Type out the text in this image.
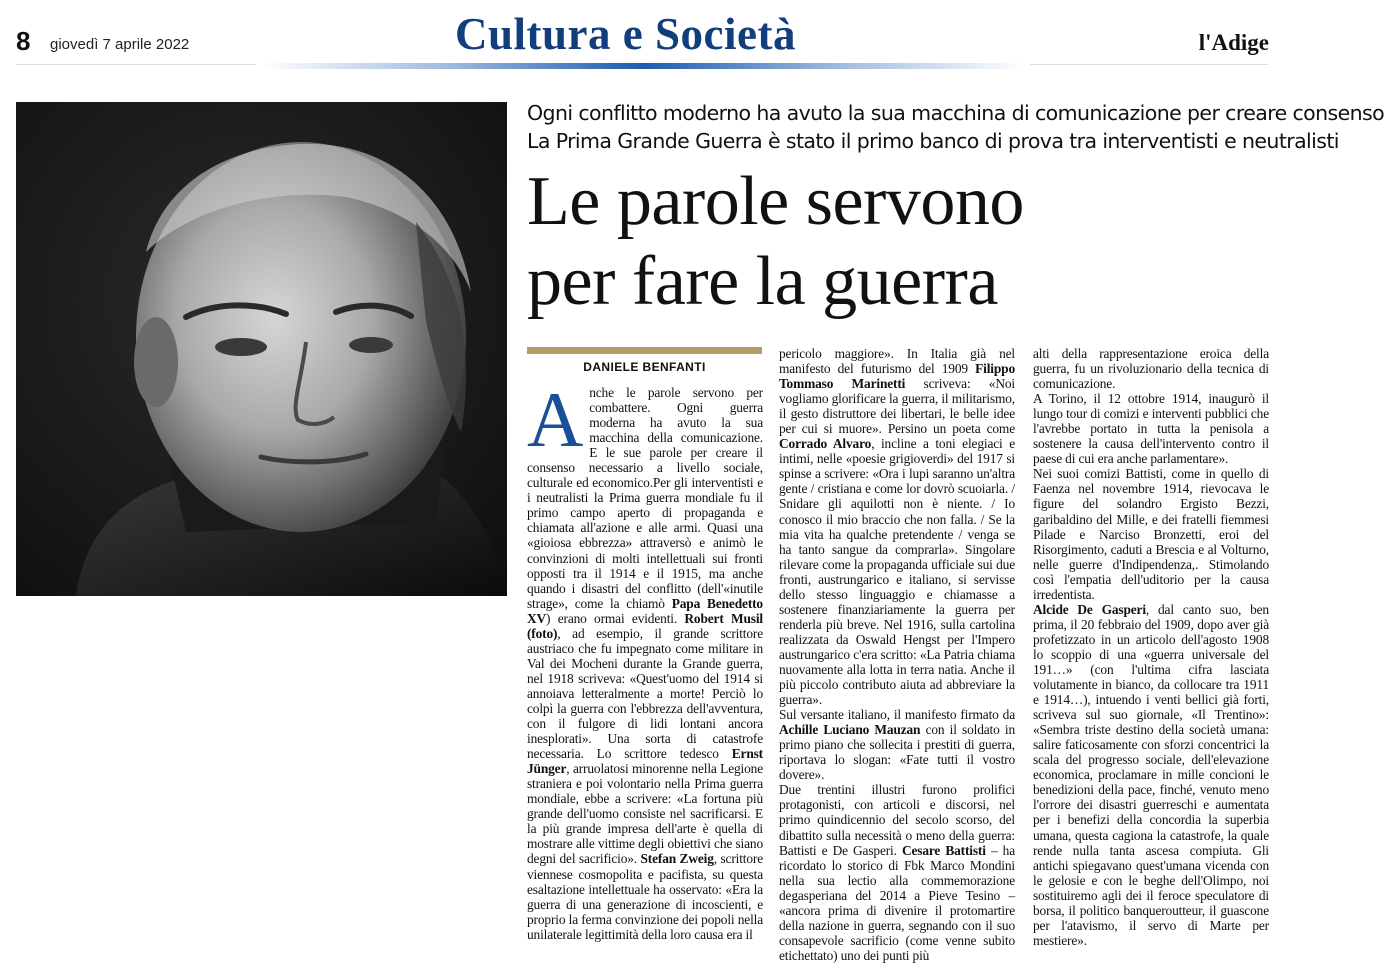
8 giovedì 7 aprile 2022	Cultura e Società	l'Adige
Ogni conflitto moderno ha avuto la sua macchina di comunicazione per creare consenso
La Prima Grande Guerra è stato il primo banco di prova tra interventisti e neutralisti
Le parole servono
per fare la guerra
DANIELE BENFANTI
A nche le parole servono per combattere. Ogni guerra moderna ha avuto la sua macchina della comunicazione. E le sue parole per creare il consenso necessario a livello sociale, culturale ed economico.Per gli interventisti e i neutralisti la Prima guerra mondiale fu il primo campo aperto di propaganda e chiamata all'azione e alle armi. Quasi una «gioiosa ebbrezza» attraversò e animò le convinzioni di molti intellettuali sui fronti opposti tra il 1914 e il 1915, ma anche quando i disastri del conflitto (dell'«inutile strage», come la chiamò Papa Benedetto XV) erano ormai evidenti. Robert Musil (foto), ad esempio, il grande scrittore austriaco che fu impegnato come militare in Val dei Mocheni durante la Grande guerra, nel 1918 scriveva: «Quest'uomo del 1914 si annoiava letteralmente a morte! Perciò lo colpì la guerra con l'ebbrezza dell'avventura, con il fulgore di lidi lontani ancora inesplorati». Una sorta di catastrofe necessaria. Lo scrittore tedesco Ernst Jünger, arruolatosi minorenne nella Legione straniera e poi volontario nella Prima guerra mondiale, ebbe a scrivere: «La fortuna più grande dell'uomo consiste nel sacrificarsi. E la più grande impresa dell'arte è quella di mostrare alle vittime degli obiettivi che siano degni del sacrificio». Stefan Zweig, scrittore viennese cosmopolita e pacifista, su questa esaltazione intellettuale ha osservato: «Era la guerra di una generazione di incoscienti, e proprio la ferma convinzione dei popoli nella unilaterale legittimità della loro causa era il

pericolo maggiore». In Italia già nel manifesto del futurismo del 1909 Filippo Tommaso Marinetti scriveva: «Noi vogliamo glorificare la guerra, il militarismo, il gesto distruttore dei libertari, le belle idee per cui si muore». Persino un poeta come Corrado Alvaro, incline a toni elegiaci e intimi, nelle «poesie grigioverdi» del 1917 si spinse a scrivere: «Ora i lupi saranno un'altra gente / cristiana e come lor dovrò scuoiarla. / Snidare gli aquilotti non è niente. / Io conosco il mio braccio che non falla. / Se la mia vita ha qualche pretendente / venga se ha tanto sangue da comprarla». Singolare rilevare come la propaganda ufficiale sui due fronti, austrungarico e italiano, si servisse dello stesso linguaggio e chiamasse a sostenere finanziariamente la guerra per renderla più breve. Nel 1916, sulla cartolina realizzata da Oswald Hengst per l'Impero austrungarico c'era scritto: «La Patria chiama nuovamente alla lotta in terra natia. Anche il più piccolo contributo aiuta ad abbreviare la guerra».

Sul versante italiano, il manifesto firmato da Achille Luciano Mauzan con il soldato in primo piano che sollecita i prestiti di guerra, riportava lo slogan: «Fate tutti il vostro dovere».

Due trentini illustri furono prolifici protagonisti, con articoli e discorsi, nel primo quindicennio del secolo scorso, del dibattito sulla necessità o meno della guerra: Battisti e De Gasperi. Cesare Battisti – ha ricordato lo storico di Fbk Marco Mondini nella sua lectio alla commemorazione degasperiana del 2014 a Pieve Tesino – «ancora prima di divenire il protomartire della nazione in guerra, segnando con il suo consapevole sacrificio (come venne subito etichettato) uno dei punti più

alti della rappresentazione eroica della guerra, fu un rivoluzionario della tecnica di comunicazione.

A Torino, il 12 ottobre 1914, inaugurò il lungo tour di comizi e interventi pubblici che l'avrebbe portato in tutta la penisola a sostenere la causa dell'intervento contro il paese di cui era anche parlamentare».

Nei suoi comizi Battisti, come in quello di Faenza nel novembre 1914, rievocava le figure del solandro Ergisto Bezzi, garibaldino del Mille, e dei fratelli fiemmesi Pilade e Narciso Bronzetti, eroi del Risorgimento, caduti a Brescia e al Volturno, nelle guerre d'Indipendenza,. Stimolando così l'empatia dell'uditorio per la causa irredentista.

Alcide De Gasperi, dal canto suo, ben prima, il 20 febbraio del 1909, dopo aver già profetizzato in un articolo dell'agosto 1908 lo scoppio di una «guerra universale del 191…» (con l'ultima cifra lasciata volutamente in bianco, da collocare tra 1911 e 1914…), intuendo i venti bellici già forti, scriveva sul suo giornale, «Il Trentino»: «Sembra triste destino della società umana: salire faticosamente con sforzi concentrici la scala del progresso sociale, dell'elevazione economica, proclamare in mille concioni le benedizioni della pace, finché, venuto meno l'orrore dei disastri guerreschi e aumentata per i benefizi della concordia la superbia umana, questa cagiona la catastrofe, la quale rende nulla tanta ascesa compiuta. Gli antichi spiegavano quest'umana vicenda con le gelosie e con le beghe dell'Olimpo, noi sostituiremo agli dei il feroce speculatore di borsa, il politico banqueroutteur, il guascone per l'atavismo, il servo di Marte per mestiere».
